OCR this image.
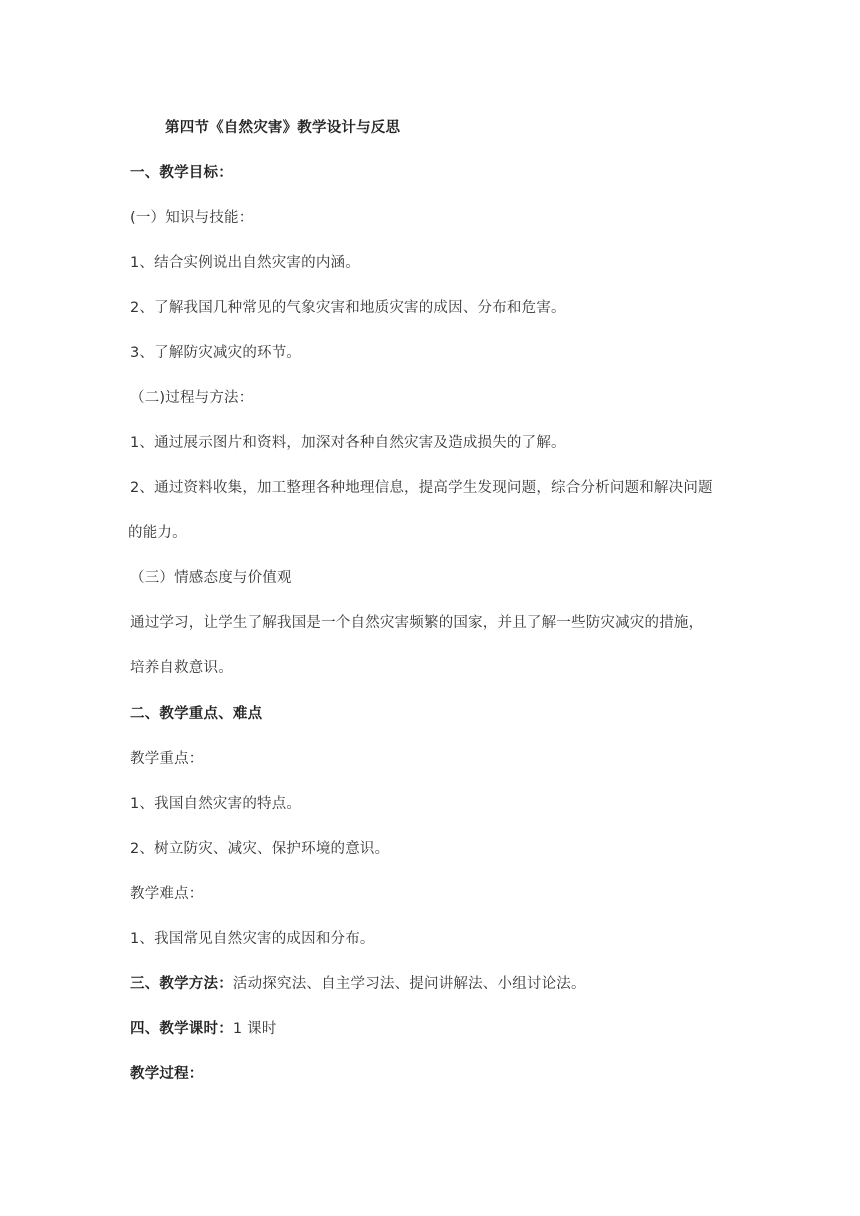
第四节《自然灾害》教学设计与反思
一、教学目标：
(一）知识与技能：
1、结合实例说出自然灾害的内涵。
2、了解我国几种常见的气象灾害和地质灾害的成因、分布和危害。
3、了解防灾减灾的环节。
（二)过程与方法：
1、通过展示图片和资料，加深对各种自然灾害及造成损失的了解。
2、通过资料收集，加工整理各种地理信息，提高学生发现问题，综合分析问题和解决问题
的能力。
（三）情感态度与价值观
通过学习，让学生了解我国是一个自然灾害频繁的国家，并且了解一些防灾减灾的措施，
培养自救意识。
二、教学重点、难点
教学重点：
1、我国自然灾害的特点。
2、树立防灾、减灾、保护环境的意识。
教学难点：
1、我国常见自然灾害的成因和分布。
三、教学方法：活动探究法、自主学习法、提问讲解法、小组讨论法。
四、教学课时：1 课时
教学过程：
